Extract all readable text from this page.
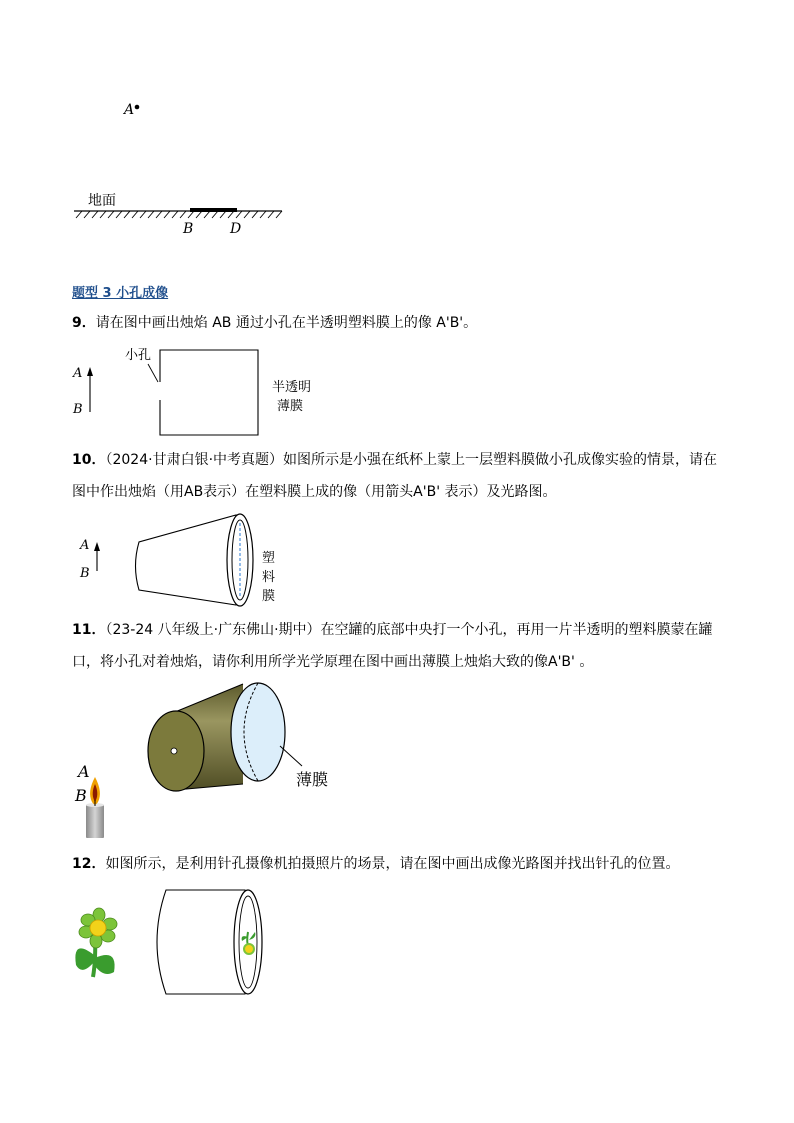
A
地面
B	D
题型 3 小孔成像
9．请在图中画出烛焰 AB 通过小孔在半透明塑料膜上的像 A'B'。
A
B
小孔
半透明
薄膜
10．（2024·甘肃白银·中考真题）如图所示是小强在纸杯上蒙上一层塑料膜做小孔成像实验的情景，请在
图中作出烛焰（用AB表示）在塑料膜上成的像（用箭头A'B' 表示）及光路图。
A
B
塑
料
膜
11．（23-24 八年级上·广东佛山·期中）在空罐的底部中央打一个小孔，再用一片半透明的塑料膜蒙在罐
口，将小孔对着烛焰，请你利用所学光学原理在图中画出薄膜上烛焰大致的像A'B' 。
A
B
薄膜
12．如图所示，是利用针孔摄像机拍摄照片的场景，请在图中画出成像光路图并找出针孔的位置。
